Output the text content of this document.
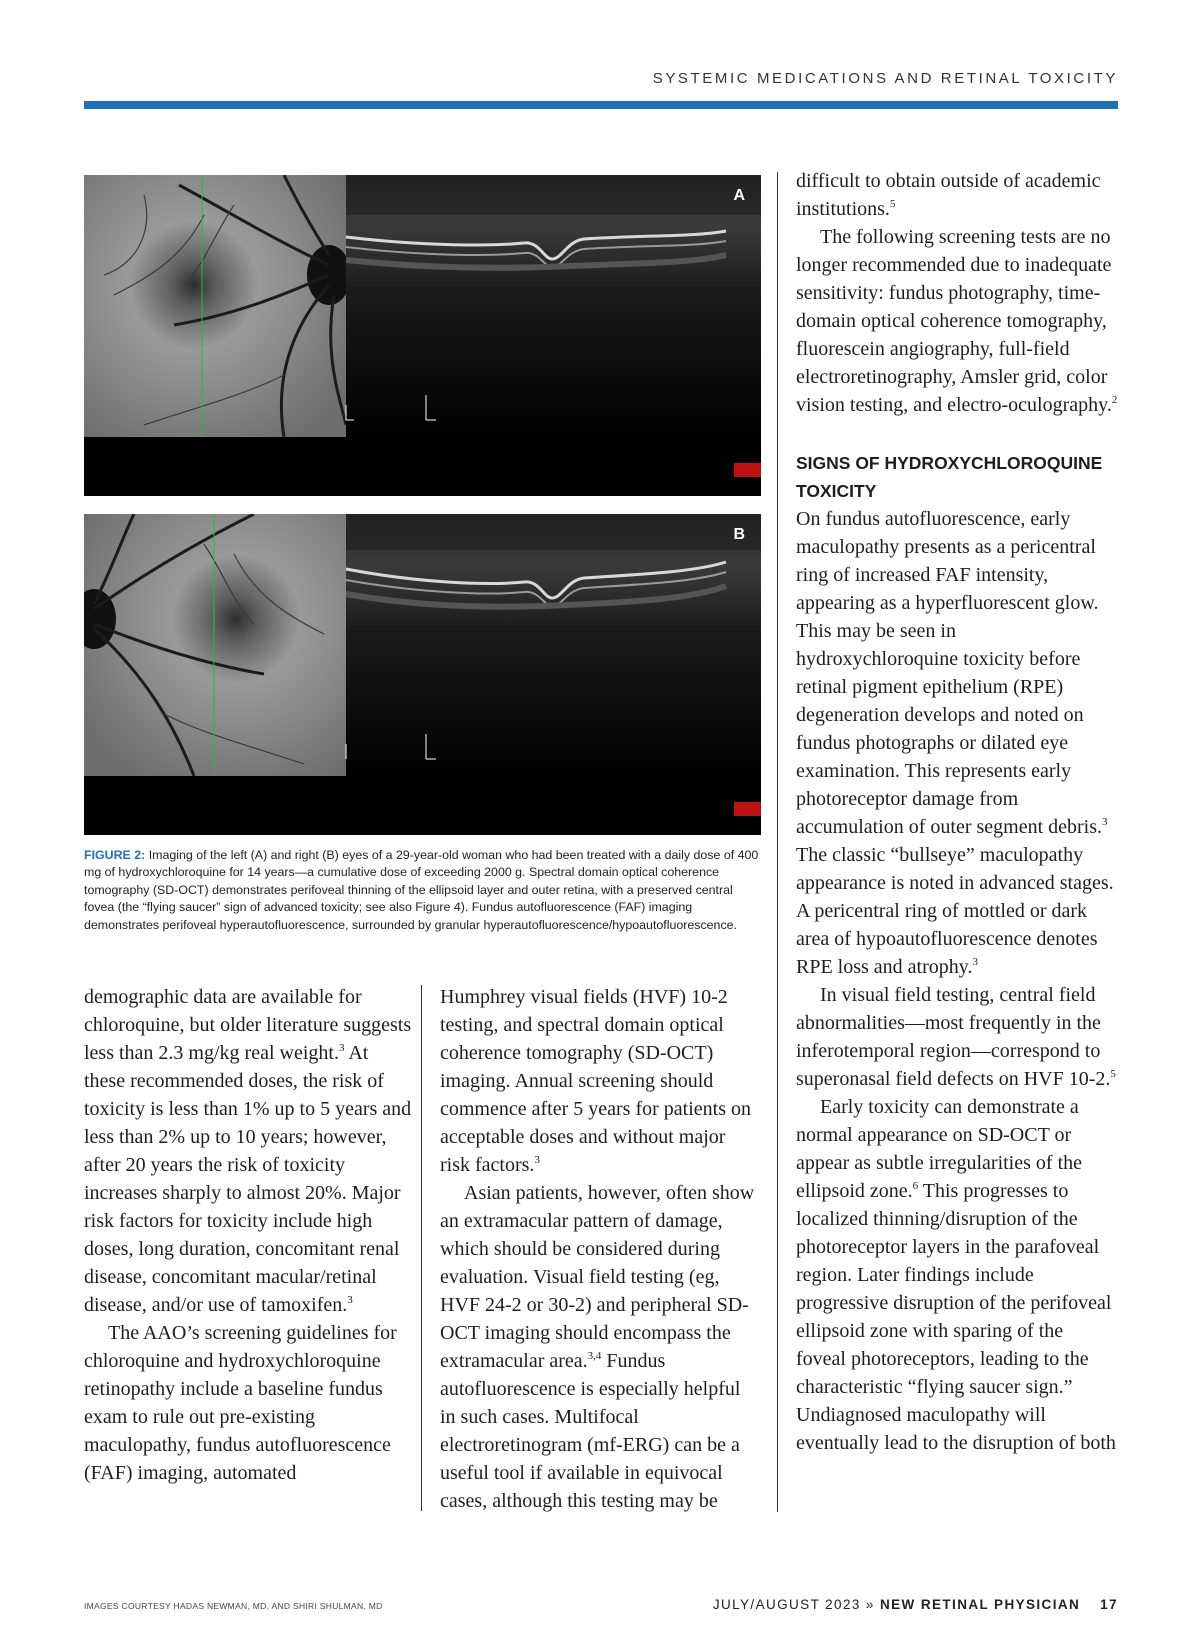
SYSTEMIC MEDICATIONS AND RETINAL TOXICITY
A
B
FIGURE 2: Imaging of the left (A) and right (B) eyes of a 29-year-old woman who had been treated with a daily dose of 400 mg of hydroxychloroquine for 14 years—a cumulative dose of exceeding 2000 g. Spectral domain optical coherence tomography (SD-OCT) demonstrates perifoveal thinning of the ellipsoid layer and outer retina, with a preserved central fovea (the “flying saucer” sign of advanced toxicity; see also Figure 4). Fundus autofluorescence (FAF) imaging demonstrates perifoveal hyperautofluorescence, surrounded by granular hyperautofluorescence/hypoautofluorescence.

demographic data are available for chloroquine, but older literature suggests less than 2.3 mg/kg real weight.$^3$ At these recommended doses, the risk of toxicity is less than 1% up to 5 years and less than 2% up to 10 years; however, after 20 years the risk of toxicity increases sharply to almost 20%. Major risk factors for toxicity include high doses, long duration, concomitant renal disease, concomitant macular/retinal disease, and/or use of tamoxifen.$^3$

The AAO’s screening guidelines for chloroquine and hydroxychloroquine retinopathy include a baseline fundus exam to rule out pre-existing maculopathy, fundus autofluorescence (FAF) imaging, automated

Humphrey visual fields (HVF) 10-2 testing, and spectral domain optical coherence tomography (SD-OCT) imaging. Annual screening should commence after 5 years for patients on acceptable doses and without major risk factors.$^3$

Asian patients, however, often show an extramacular pattern of damage, which should be considered during evaluation. Visual field testing (eg, HVF 24-2 or 30-2) and peripheral SD-OCT imaging should encompass the extramacular area.$^{3,4}$ Fundus autofluorescence is especially helpful in such cases. Multifocal electroretinogram (mf-ERG) can be a useful tool if available in equivocal cases, although this testing may be

difficult to obtain outside of academic institutions.$^5$

The following screening tests are no longer recommended due to inadequate sensitivity: fundus photography, time-domain optical coherence tomography, fluorescein angiography, full-field electroretinography, Amsler grid, color vision testing, and electro-oculography.$^2$

SIGNS OF HYDROXYCHLOROQUINE TOXICITY

On fundus autofluorescence, early maculopathy presents as a pericentral ring of increased FAF intensity, appearing as a hyperfluorescent glow. This may be seen in hydroxychloroquine toxicity before retinal pigment epithelium (RPE) degeneration develops and noted on fundus photographs or dilated eye examination. This represents early photoreceptor damage from accumulation of outer segment debris.$^3$ The classic “bullseye” maculopathy appearance is noted in advanced stages. A pericentral ring of mottled or dark area of hypoautofluorescence denotes RPE loss and atrophy.$^3$

In visual field testing, central field abnormalities—most frequently in the inferotemporal region—correspond to superonasal field defects on HVF 10-2.$^5$

Early toxicity can demonstrate a normal appearance on SD-OCT or appear as subtle irregularities of the ellipsoid zone.$^6$ This progresses to localized thinning/disruption of the photoreceptor layers in the parafoveal region. Later findings include progressive disruption of the perifoveal ellipsoid zone with sparing of the foveal photoreceptors, leading to the characteristic “flying saucer sign.” Undiagnosed maculopathy will eventually lead to the disruption of both

IMAGES COURTESY HADAS NEWMAN, MD, AND SHIRI SHULMAN, MD	JULY/AUGUST 2023 » NEW RETINAL PHYSICIAN 17
